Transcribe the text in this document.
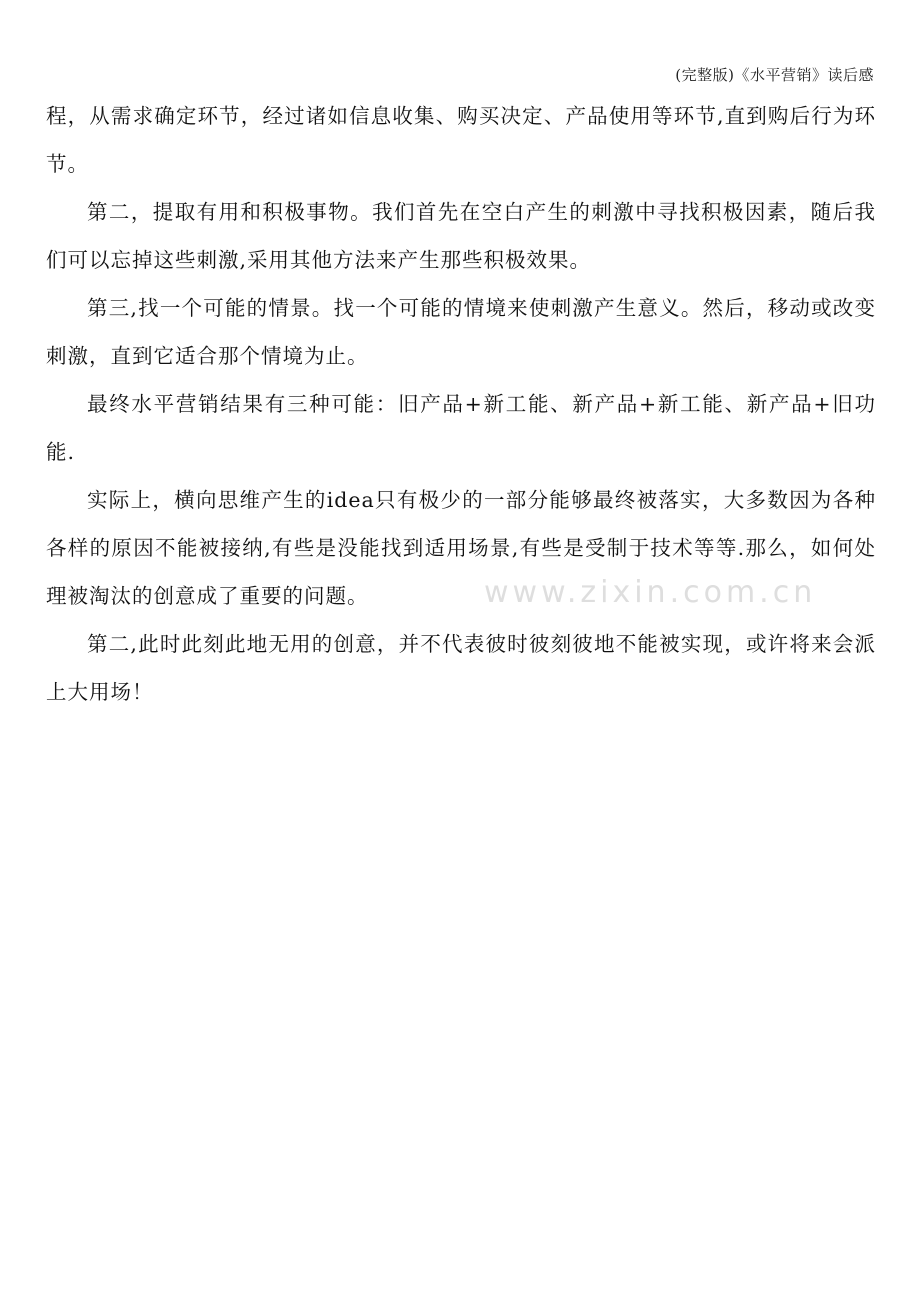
(完整版)《水平营销》读后感

程，从需求确定环节，经过诸如信息收集、购买决定、产品使用等环节,直到购后行为环节。

第二，提取有用和积极事物。我们首先在空白产生的刺激中寻找积极因素，随后我们可以忘掉这些刺激,采用其他方法来产生那些积极效果。

第三,找一个可能的情景。找一个可能的情境来使刺激产生意义。然后，移动或改变刺激，直到它适合那个情境为止。

最终水平营销结果有三种可能：旧产品+新工能、新产品+新工能、新产品+旧功能.

实际上，横向思维产生的idea只有极少的一部分能够最终被落实，大多数因为各种各样的原因不能被接纳,有些是没能找到适用场景,有些是受制于技术等等.那么，如何处理被淘汰的创意成了重要的问题。

第二,此时此刻此地无用的创意，并不代表彼时彼刻彼地不能被实现，或许将来会派上大用场！

www.zixin.com.cn
